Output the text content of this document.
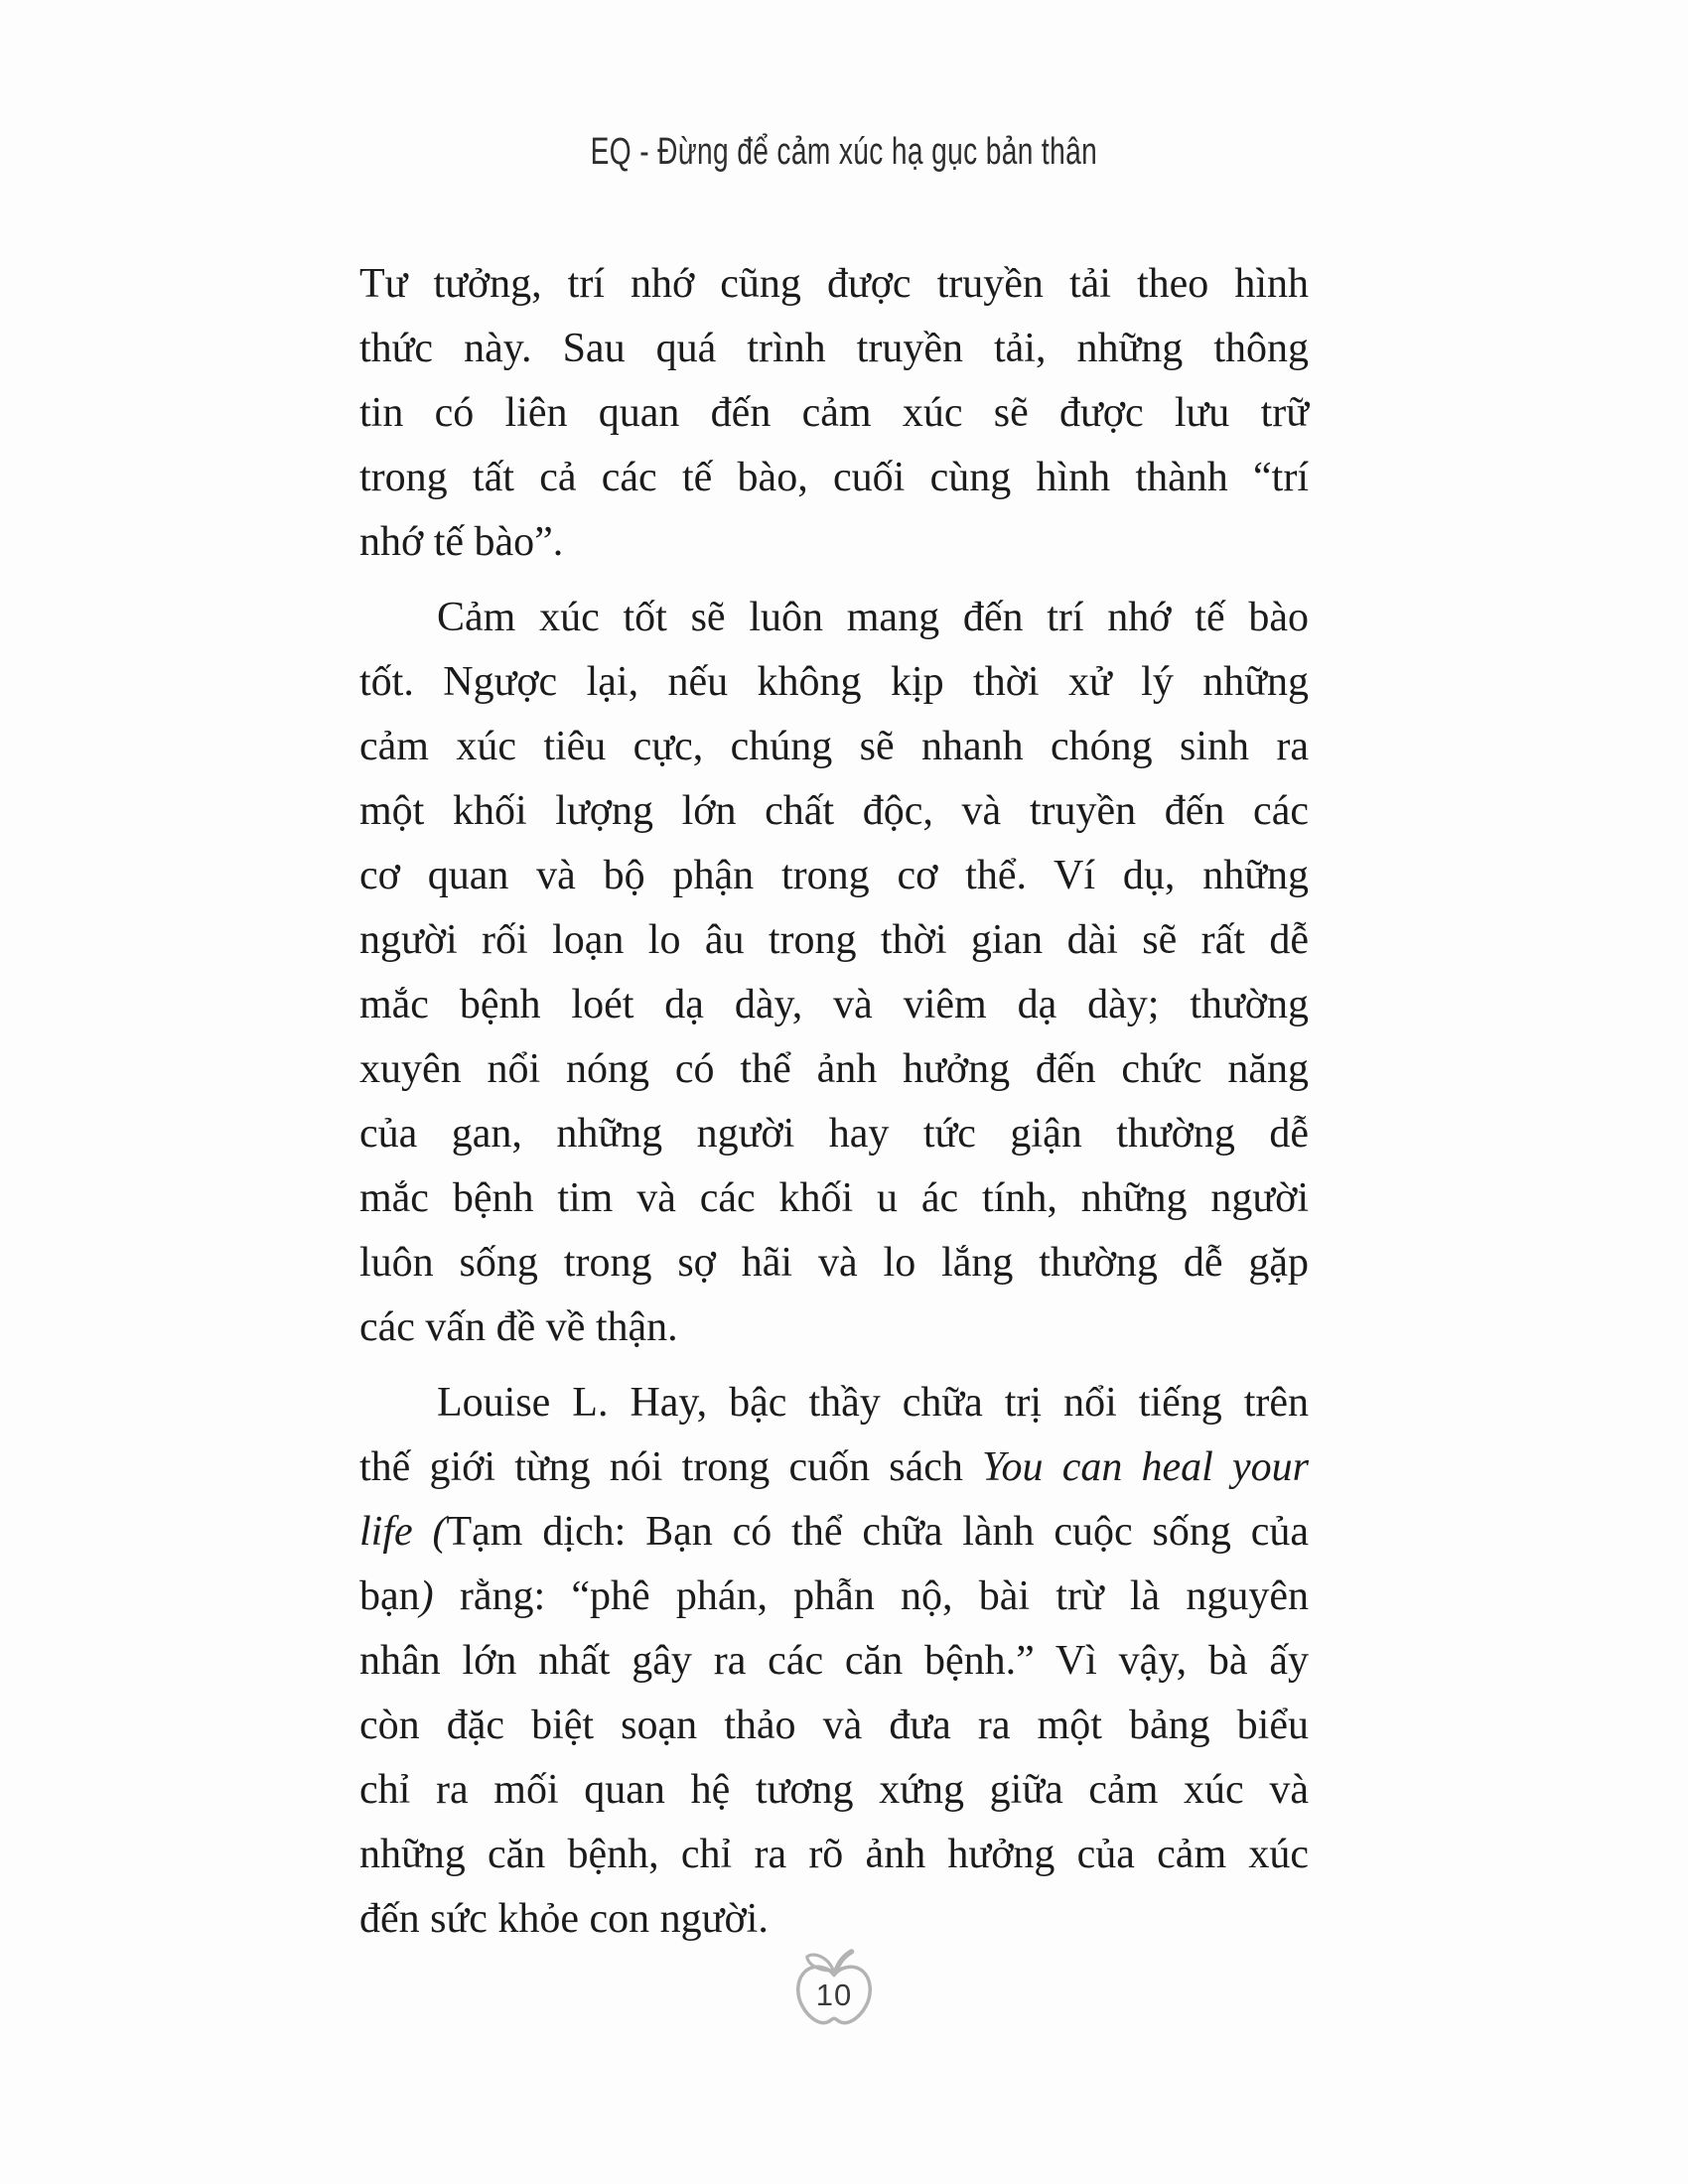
EQ - Đừng để cảm xúc hạ gục bản thân
Tư tưởng, trí nhớ cũng được truyền tải theo hình
thức này. Sau quá trình truyền tải, những thông
tin có liên quan đến cảm xúc sẽ được lưu trữ
trong tất cả các tế bào, cuối cùng hình thành “trí
nhớ tế bào”.
Cảm xúc tốt sẽ luôn mang đến trí nhớ tế bào
tốt. Ngược lại, nếu không kịp thời xử lý những
cảm xúc tiêu cực, chúng sẽ nhanh chóng sinh ra
một khối lượng lớn chất độc, và truyền đến các
cơ quan và bộ phận trong cơ thể. Ví dụ, những
người rối loạn lo âu trong thời gian dài sẽ rất dễ
mắc bệnh loét dạ dày, và viêm dạ dày; thường
xuyên nổi nóng có thể ảnh hưởng đến chức năng
của gan, những người hay tức giận thường dễ
mắc bệnh tim và các khối u ác tính, những người
luôn sống trong sợ hãi và lo lắng thường dễ gặp
các vấn đề về thận.
Louise L. Hay, bậc thầy chữa trị nổi tiếng trên
thế giới từng nói trong cuốn sách You can heal your
life (Tạm dịch: Bạn có thể chữa lành cuộc sống của
bạn) rằng: “phê phán, phẫn nộ, bài trừ là nguyên
nhân lớn nhất gây ra các căn bệnh.” Vì vậy, bà ấy
còn đặc biệt soạn thảo và đưa ra một bảng biểu
chỉ ra mối quan hệ tương xứng giữa cảm xúc và
những căn bệnh, chỉ ra rõ ảnh hưởng của cảm xúc
đến sức khỏe con người.
10
